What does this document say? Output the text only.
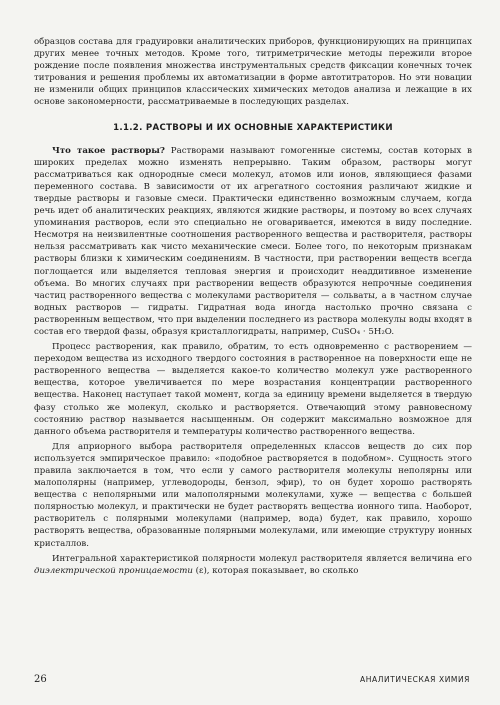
образцов состава для градуировки аналитических приборов, функционирующих на принципах других менее точных методов. Кроме того, титриметрические методы пережили второе рождение после появления множества инструментальных средств фиксации конечных точек титрования и решения проблемы их автоматизации в форме автотитраторов. Но эти новации не изменили общих принципов классических химических методов анализа и лежащие в их основе закономерности, рассматриваемые в последующих разделах.

1.1.2. РАСТВОРЫ И ИХ ОСНОВНЫЕ ХАРАКТЕРИСТИКИ

Что такое растворы? Растворами называют гомогенные системы, состав которых в широких пределах можно изменять непрерывно. Таким образом, растворы могут рассматриваться как однородные смеси молекул, атомов или ионов, являющиеся фазами переменного состава. В зависимости от их агрегатного состояния различают жидкие и твердые растворы и газовые смеси. Практически единственно возможным случаем, когда речь идет об аналитических реакциях, являются жидкие растворы, и поэтому во всех случаях упоминания растворов, если это специально не оговаривается, имеются в виду последние. Несмотря на неизвилентные соотношения растворенного вещества и растворителя, растворы нельзя рассматривать как чисто механические смеси. Более того, по некоторым признакам растворы близки к химическим соединениям. В частности, при растворении веществ всегда поглощается или выделяется тепловая энергия и происходит неаддитивное изменение объема. Во многих случаях при растворении веществ образуются непрочные соединения частиц растворенного вещества с молекулами растворителя — сольваты, а в частном случае водных растворов — гидраты. Гидратная вода иногда настолько прочно связана с растворенным веществом, что при выделении последнего из раствора молекулы воды входят в состав его твердой фазы, образуя кристаллогидраты, например, CuSO₄ · 5H₂O.

Процесс растворения, как правило, обратим, то есть одновременно с растворением — переходом вещества из исходного твердого состояния в растворенное на поверхности еще не растворенного вещества — выделяется какое-то количество молекул уже растворенного вещества, которое увеличивается по мере возрастания концентрации растворенного вещества. Наконец наступает такой момент, когда за единицу времени выделяется в твердую фазу столько же молекул, сколько и растворяется. Отвечающий этому равновесному состоянию раствор называется насыщенным. Он содержит максимально возможное для данного объема растворителя и температуры количество растворенного вещества.

Для априорного выбора растворителя определенных классов веществ до сих пор используется эмпирическое правило: «подобное растворяется в подобном». Сущность этого правила заключается в том, что если у самого растворителя молекулы неполярны или малополярны (например, углеводороды, бензол, эфир), то он будет хорошо растворять вещества с неполярными или малополярными молекулами, хуже — вещества с большей полярностью молекул, и практически не будет растворять вещества ионного типа. Наоборот, растворитель с полярными молекулами (например, вода) будет, как правило, хорошо растворять вещества, образованные полярными молекулами, или имеющие структуру ионных кристаллов.

Интегральной характеристикой полярности молекул растворителя является величина его диэлектрической проницаемости (ε), которая показывает, во сколько

26	АНАЛИТИЧЕСКАЯ ХИМИЯ
